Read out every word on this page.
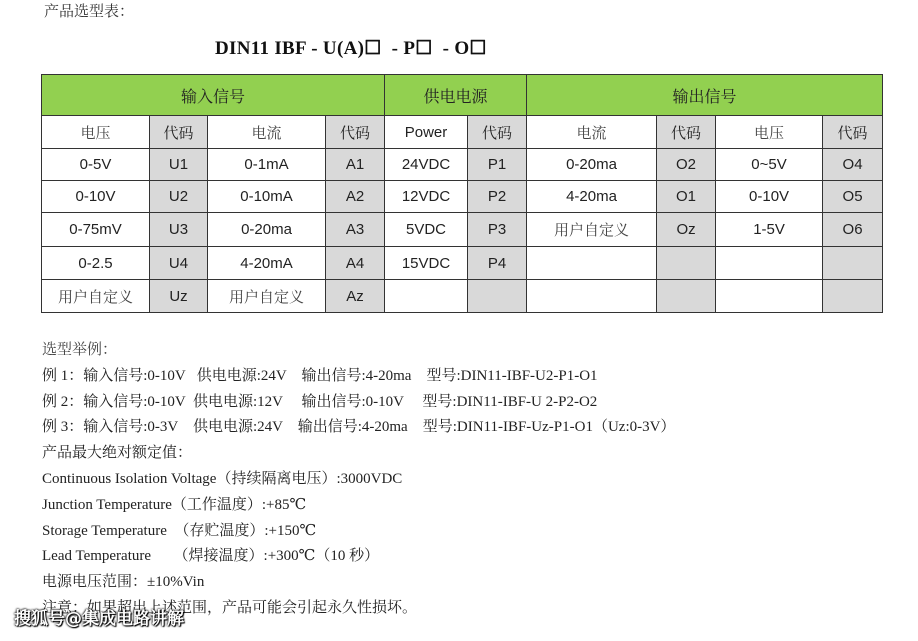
产品选型表：
DIN11 IBF - U(A)☐  - P☐  - O☐
输入信号				供电电源		输出信号			
电压	代码	电流	代码	Power	代码	电流	代码	电压	代码
0-5V	U1	0-1mA	A1	24VDC	P1	0-20ma	O2	0~5V	O4
0-10V	U2	0-10mA	A2	12VDC	P2	4-20ma	O1	0-10V	O5
0-75mV	U3	0-20ma	A3	5VDC	P3	用户自定义	Oz	1-5V	O6
0-2.5	U4	4-20mA	A4	15VDC	P4				
用户自定义	Uz	用户自定义	Az						
选型举例：
例 1：输入信号:0-10V   供电电源:24V    输出信号:4-20ma    型号:DIN11-IBF-U2-P1-O1
例 2：输入信号:0-10V  供电电源:12V     输出信号:0-10V     型号:DIN11-IBF-U 2-P2-O2
例 3：输入信号:0-3V    供电电源:24V    输出信号:4-20ma    型号:DIN11-IBF-Uz-P1-O1（Uz:0-3V）
产品最大绝对额定值：
Continuous Isolation Voltage（持续隔离电压）:3000VDC
Junction Temperature（工作温度）:+85℃
Storage Temperature  （存贮温度）:+150℃
Lead Temperature      （焊接温度）:+300℃（10 秒）
电源电压范围：±10%Vin
注意：如果超出上述范围，产品可能会引起永久性损坏。
搜狐号@集成电路讲解
